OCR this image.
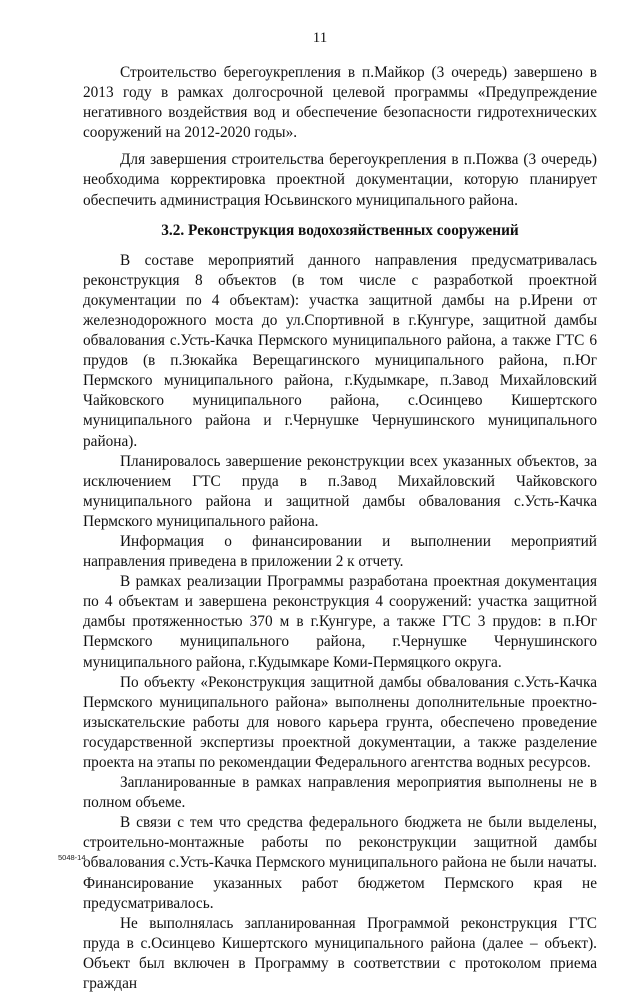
11

Строительство берегоукрепления в п.Майкор (3 очередь) завершено в 2013 году в рамках долгосрочной целевой программы «Предупреждение негативного воздействия вод и обеспечение безопасности гидротехнических сооружений на 2012-2020 годы».

Для завершения строительства берегоукрепления в п.Пожва (3 очередь) необходима корректировка проектной документации, которую планирует обеспечить администрация Юсьвинского муниципального района.

3.2. Реконструкция водохозяйственных сооружений

В составе мероприятий данного направления предусматривалась реконструкция 8 объектов (в том числе с разработкой проектной документации по 4 объектам): участка защитной дамбы на р.Ирени от железнодорожного моста до ул.Спортивной в г.Кунгуре, защитной дамбы обвалования с.Усть-Качка Пермского муниципального района, а также ГТС 6 прудов (в п.Зюкайка Верещагинского муниципального района, п.Юг Пермского муниципального района, г.Кудымкаре, п.Завод Михайловский Чайковского муниципального района, с.Осинцево Кишертского муниципального района и г.Чернушке Чернушинского муниципального района).

Планировалось завершение реконструкции всех указанных объектов, за исключением ГТС пруда в п.Завод Михайловский Чайковского муниципального района и защитной дамбы обвалования с.Усть-Качка Пермского муниципального района.

Информация о финансировании и выполнении мероприятий направления приведена в приложении 2 к отчету.

В рамках реализации Программы разработана проектная документация по 4 объектам и завершена реконструкция 4 сооружений: участка защитной дамбы протяженностью 370 м в г.Кунгуре, а также ГТС 3 прудов: в п.Юг Пермского муниципального района, г.Чернушке Чернушинского муниципального района, г.Кудымкаре Коми-Пермяцкого округа.

По объекту «Реконструкция защитной дамбы обвалования с.Усть-Качка Пермского муниципального района» выполнены дополнительные проектно-изыскательские работы для нового карьера грунта, обеспечено проведение государственной экспертизы проектной документации, а также разделение проекта на этапы по рекомендации Федерального агентства водных ресурсов.

Запланированные в рамках направления мероприятия выполнены не в полном объеме.

В связи с тем что средства федерального бюджета не были выделены, строительно-монтажные работы по реконструкции защитной дамбы обвалования с.Усть-Качка Пермского муниципального района не были начаты. Финансирование указанных работ бюджетом Пермского края не предусматривалось.

Не выполнялась запланированная Программой реконструкция ГТС пруда в с.Осинцево Кишертского муниципального района (далее – объект). Объект был включен в Программу в соответствии с протоколом приема граждан

5048-14
